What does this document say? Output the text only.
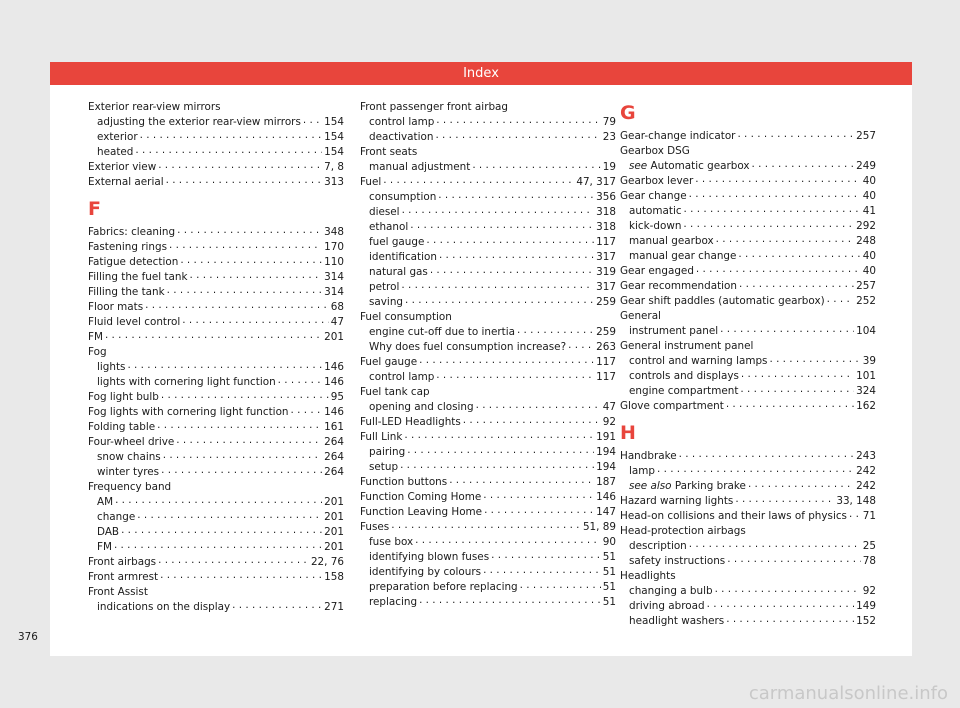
Index
Exterior rear-view mirrors
adjusting the exterior rear-view mirrors . . . 154
exterior . . .	154
heated . . .	154
Exterior view . . .	7, 8
External aerial . . .	313
F
Fabrics: cleaning . . .	348
Fastening rings . . .	170
Fatigue detection . . .	110
Filling the fuel tank . . .	314
Filling the tank . . .	314
Floor mats . . .	68
Fluid level control . . .	47
FM . . .	201
Fog
lights . . .	146
lights with cornering light function . . .	146
Fog light bulb . . .	95
Fog lights with cornering light function . . .	146
Folding table . . .	161
Four-wheel drive . . .	264
snow chains . . .	264
winter tyres . . .	264
Frequency band
AM . . .	201
change . . .	201
DAB . . .	201
FM . . .	201
Front airbags . . .	22, 76
Front armrest . . .	158
Front Assist
indications on the display . . .	271
Front passenger front airbag
control lamp . . .	79
deactivation . . .	23
Front seats
manual adjustment . . .	19
Fuel . . .	47, 317
consumption . . .	356
diesel . . .	318
ethanol . . .	318
fuel gauge . . .	117
identification . . .	317
natural gas . . .	319
petrol . . .	317
saving . . .	259
Fuel consumption
engine cut-off due to inertia . . .	259
Why does fuel consumption increase? . . .	263
Fuel gauge . . .	117
control lamp . . .	117
Fuel tank cap
opening and closing . . .	47
Full-LED Headlights . . .	92
Full Link . . .	191
pairing . . .	194
setup . . .	194
Function buttons . . .	187
Function Coming Home . . .	146
Function Leaving Home . . .	147
Fuses . . .	51, 89
fuse box . . .	90
identifying blown fuses . . .	51
identifying by colours . . .	51
preparation before replacing . . .	51
replacing . . .	51
G
Gear-change indicator . . .	257
Gearbox DSG
see Automatic gearbox . . .	249
Gearbox lever . . .	40
Gear change . . .	40
automatic . . .	41
kick-down . . .	292
manual gearbox . . .	248
manual gear change . . .	40
Gear engaged . . .	40
Gear recommendation . . .	257
Gear shift paddles (automatic gearbox) . . .	252
General
instrument panel . . .	104
General instrument panel
control and warning lamps . . .	39
controls and displays . . .	101
engine compartment . . .	324
Glove compartment . . .	162
H
Handbrake . . .	243
lamp . . .	242
see also Parking brake . . .	242
Hazard warning lights . . .	33, 148
Head-on collisions and their laws of physics . . . 71
Head-protection airbags
description . . .	25
safety instructions . . .	78
Headlights
changing a bulb . . .	92
driving abroad . . .	149
headlight washers . . .	152
376
carmanualsonline.info
